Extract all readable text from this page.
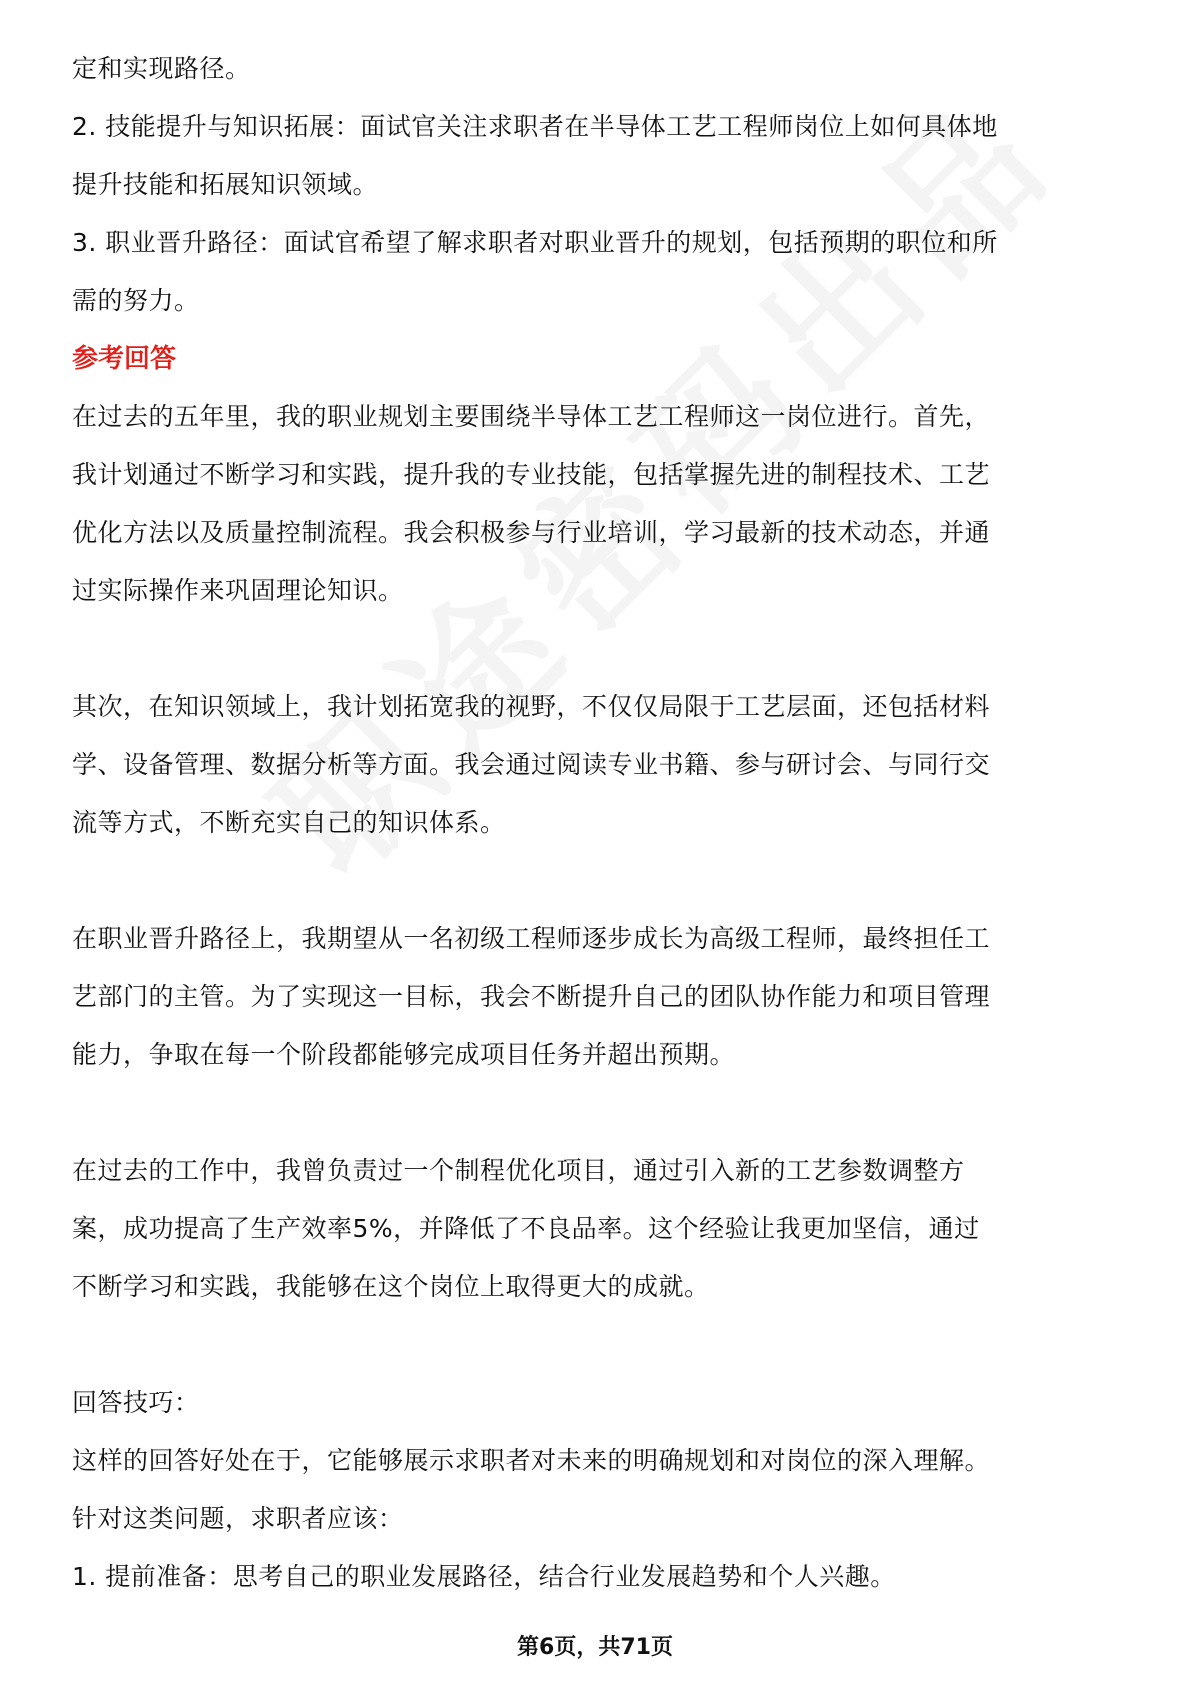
定和实现路径。
2. 技能提升与知识拓展：面试官关注求职者在半导体工艺工程师岗位上如何具体地
提升技能和拓展知识领域。
3. 职业晋升路径：面试官希望了解求职者对职业晋升的规划，包括预期的职位和所
需的努力。
参考回答
在过去的五年里，我的职业规划主要围绕半导体工艺工程师这一岗位进行。首先，
我计划通过不断学习和实践，提升我的专业技能，包括掌握先进的制程技术、工艺
优化方法以及质量控制流程。我会积极参与行业培训，学习最新的技术动态，并通
过实际操作来巩固理论知识。
其次，在知识领域上，我计划拓宽我的视野，不仅仅局限于工艺层面，还包括材料
学、设备管理、数据分析等方面。我会通过阅读专业书籍、参与研讨会、与同行交
流等方式，不断充实自己的知识体系。
在职业晋升路径上，我期望从一名初级工程师逐步成长为高级工程师，最终担任工
艺部门的主管。为了实现这一目标，我会不断提升自己的团队协作能力和项目管理
能力，争取在每一个阶段都能够完成项目任务并超出预期。
在过去的工作中，我曾负责过一个制程优化项目，通过引入新的工艺参数调整方
案，成功提高了生产效率5%，并降低了不良品率。这个经验让我更加坚信，通过
不断学习和实践，我能够在这个岗位上取得更大的成就。
回答技巧：
这样的回答好处在于，它能够展示求职者对未来的明确规划和对岗位的深入理解。
针对这类问题，求职者应该：
1. 提前准备：思考自己的职业发展路径，结合行业发展趋势和个人兴趣。
第6页，共71页
